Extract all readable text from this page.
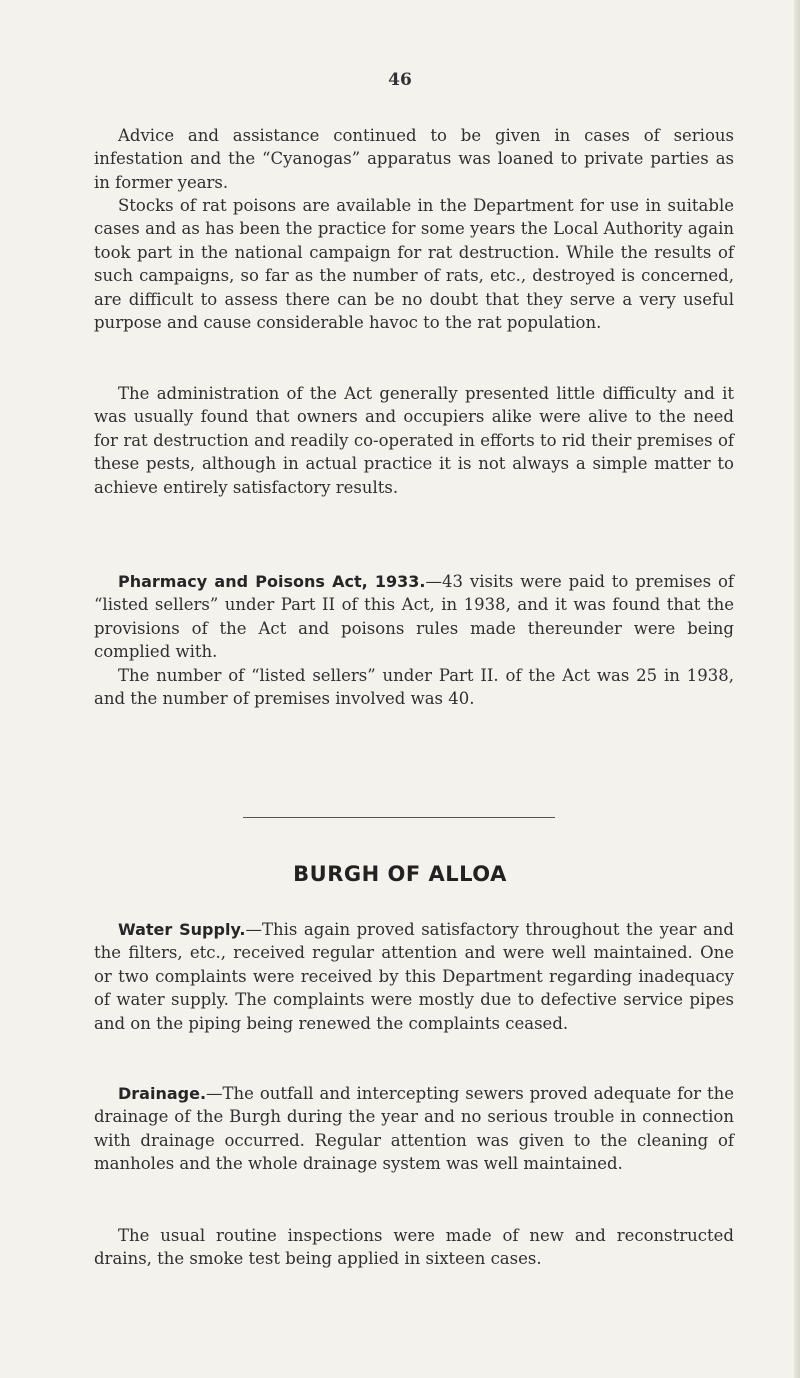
46

Advice and assistance continued to be given in cases of serious infestation and the “Cyanogas” apparatus was loaned to private parties as in former years.

Stocks of rat poisons are available in the Department for use in suitable cases and as has been the practice for some years the Local Authority again took part in the national campaign for rat destruction. While the results of such campaigns, so far as the number of rats, etc., destroyed is concerned, are difficult to assess there can be no doubt that they serve a very useful purpose and cause considerable havoc to the rat population.

The administration of the Act generally presented little difficulty and it was usually found that owners and occupiers alike were alive to the need for rat destruction and readily co-operated in efforts to rid their premises of these pests, although in actual practice it is not always a simple matter to achieve entirely satisfactory results.

Pharmacy and Poisons Act, 1933.—43 visits were paid to premises of “listed sellers” under Part II of this Act, in 1938, and it was found that the provisions of the Act and poisons rules made thereunder were being complied with.

The number of “listed sellers” under Part II. of the Act was 25 in 1938, and the number of premises involved was 40.

BURGH OF ALLOA

Water Supply.—This again proved satisfactory throughout the year and the filters, etc., received regular attention and were well maintained. One or two complaints were received by this Department regarding inadequacy of water supply. The complaints were mostly due to defective service pipes and on the piping being renewed the complaints ceased.

Drainage.—The outfall and intercepting sewers proved adequate for the drainage of the Burgh during the year and no serious trouble in connection with drainage occurred. Regular attention was given to the cleaning of manholes and the whole drainage system was well maintained.

The usual routine inspections were made of new and reconstructed drains, the smoke test being applied in sixteen cases.
